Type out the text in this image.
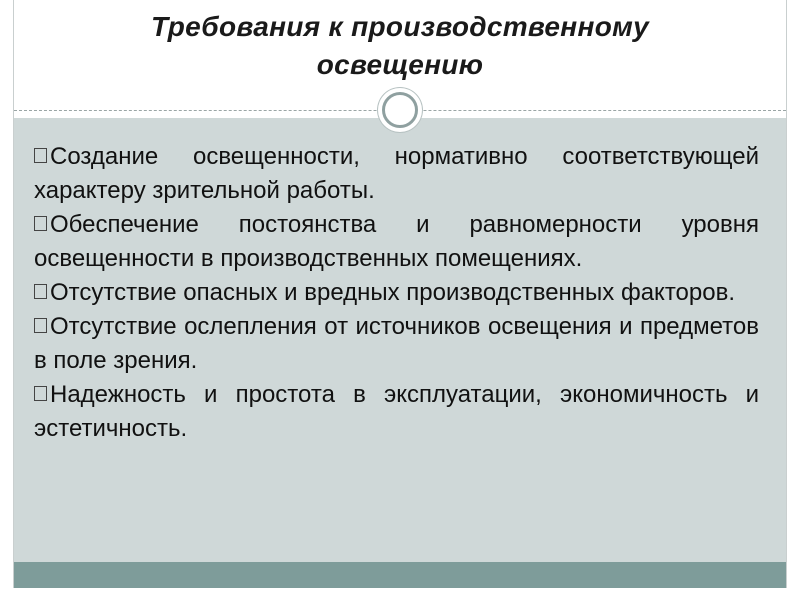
Требования к производственному
освещению
Создание освещенности, нормативно соответствующей характеру зрительной работы.
Обеспечение постоянства и равномерности уровня освещенности в производственных помещениях.
Отсутствие опасных и вредных производственных факторов.
Отсутствие ослепления от источников освещения и предметов в поле зрения.
Надежность и простота в эксплуатации, экономичность и эстетичность.
